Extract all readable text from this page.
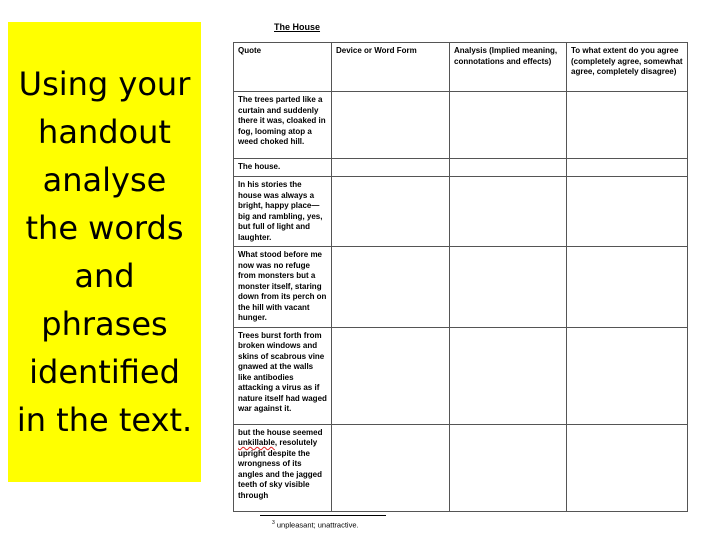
Using your handout analyse the words and phrases identified in the text.

The House
Quote	Device or Word Form	Analysis (Implied meaning, connotations and effects)	To what extent do you agree (completely agree, somewhat agree, completely disagree)
The trees parted like a curtain and suddenly there it was, cloaked in fog, looming atop a weed choked hill.			
The house.			
In his stories the house was always a bright, happy place—big and rambling, yes, but full of light and laughter.			
What stood before me now was no refuge from monsters but a monster itself, staring down from its perch on the hill with vacant hunger.			
Trees burst forth from broken windows and skins of scabrous vine gnawed at the walls like antibodies attacking a virus as if nature itself had waged war against it.			
but the house seemed unkillable, resolutely upright despite the wrongness of its angles and the jagged teeth of sky visible through			
$^3$ unpleasant; unattractive.
